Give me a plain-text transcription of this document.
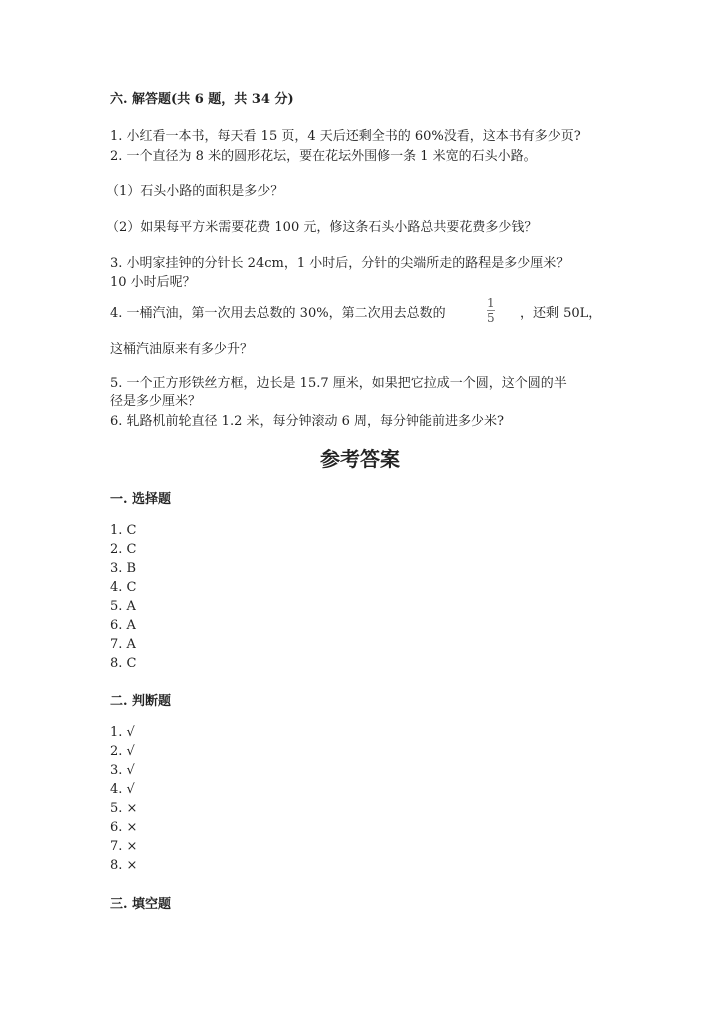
六. 解答题(共 6 题，共 34 分)
1. 小红看一本书，每天看 15 页，4 天后还剩全书的 60%没看，这本书有多少页?
2. 一个直径为 8 米的圆形花坛，要在花坛外围修一条 1 米宽的石头小路。
（1）石头小路的面积是多少？
（2）如果每平方米需要花费 100 元，修这条石头小路总共要花费多少钱？
3. 小明家挂钟的分针长 24cm，1 小时后，分针的尖端所走的路程是多少厘米？
10 小时后呢？
4. 一桶汽油，第一次用去总数的 30%，第二次用去总数的	$\frac{1}{5}$ ，还剩 50L，
这桶汽油原来有多少升？
5. 一个正方形铁丝方框，边长是 15.7 厘米，如果把它拉成一个圆，这个圆的半
径是多少厘米？
6. 轧路机前轮直径 1.2 米，每分钟滚动 6 周，每分钟能前进多少米?
参考答案
一. 选择题
1. C
2. C
3. B
4. C
5. A
6. A
7. A
8. C
二. 判断题
1. √
2. √
3. √
4. √
5. ×
6. ×
7. ×
8. ×
三. 填空题
